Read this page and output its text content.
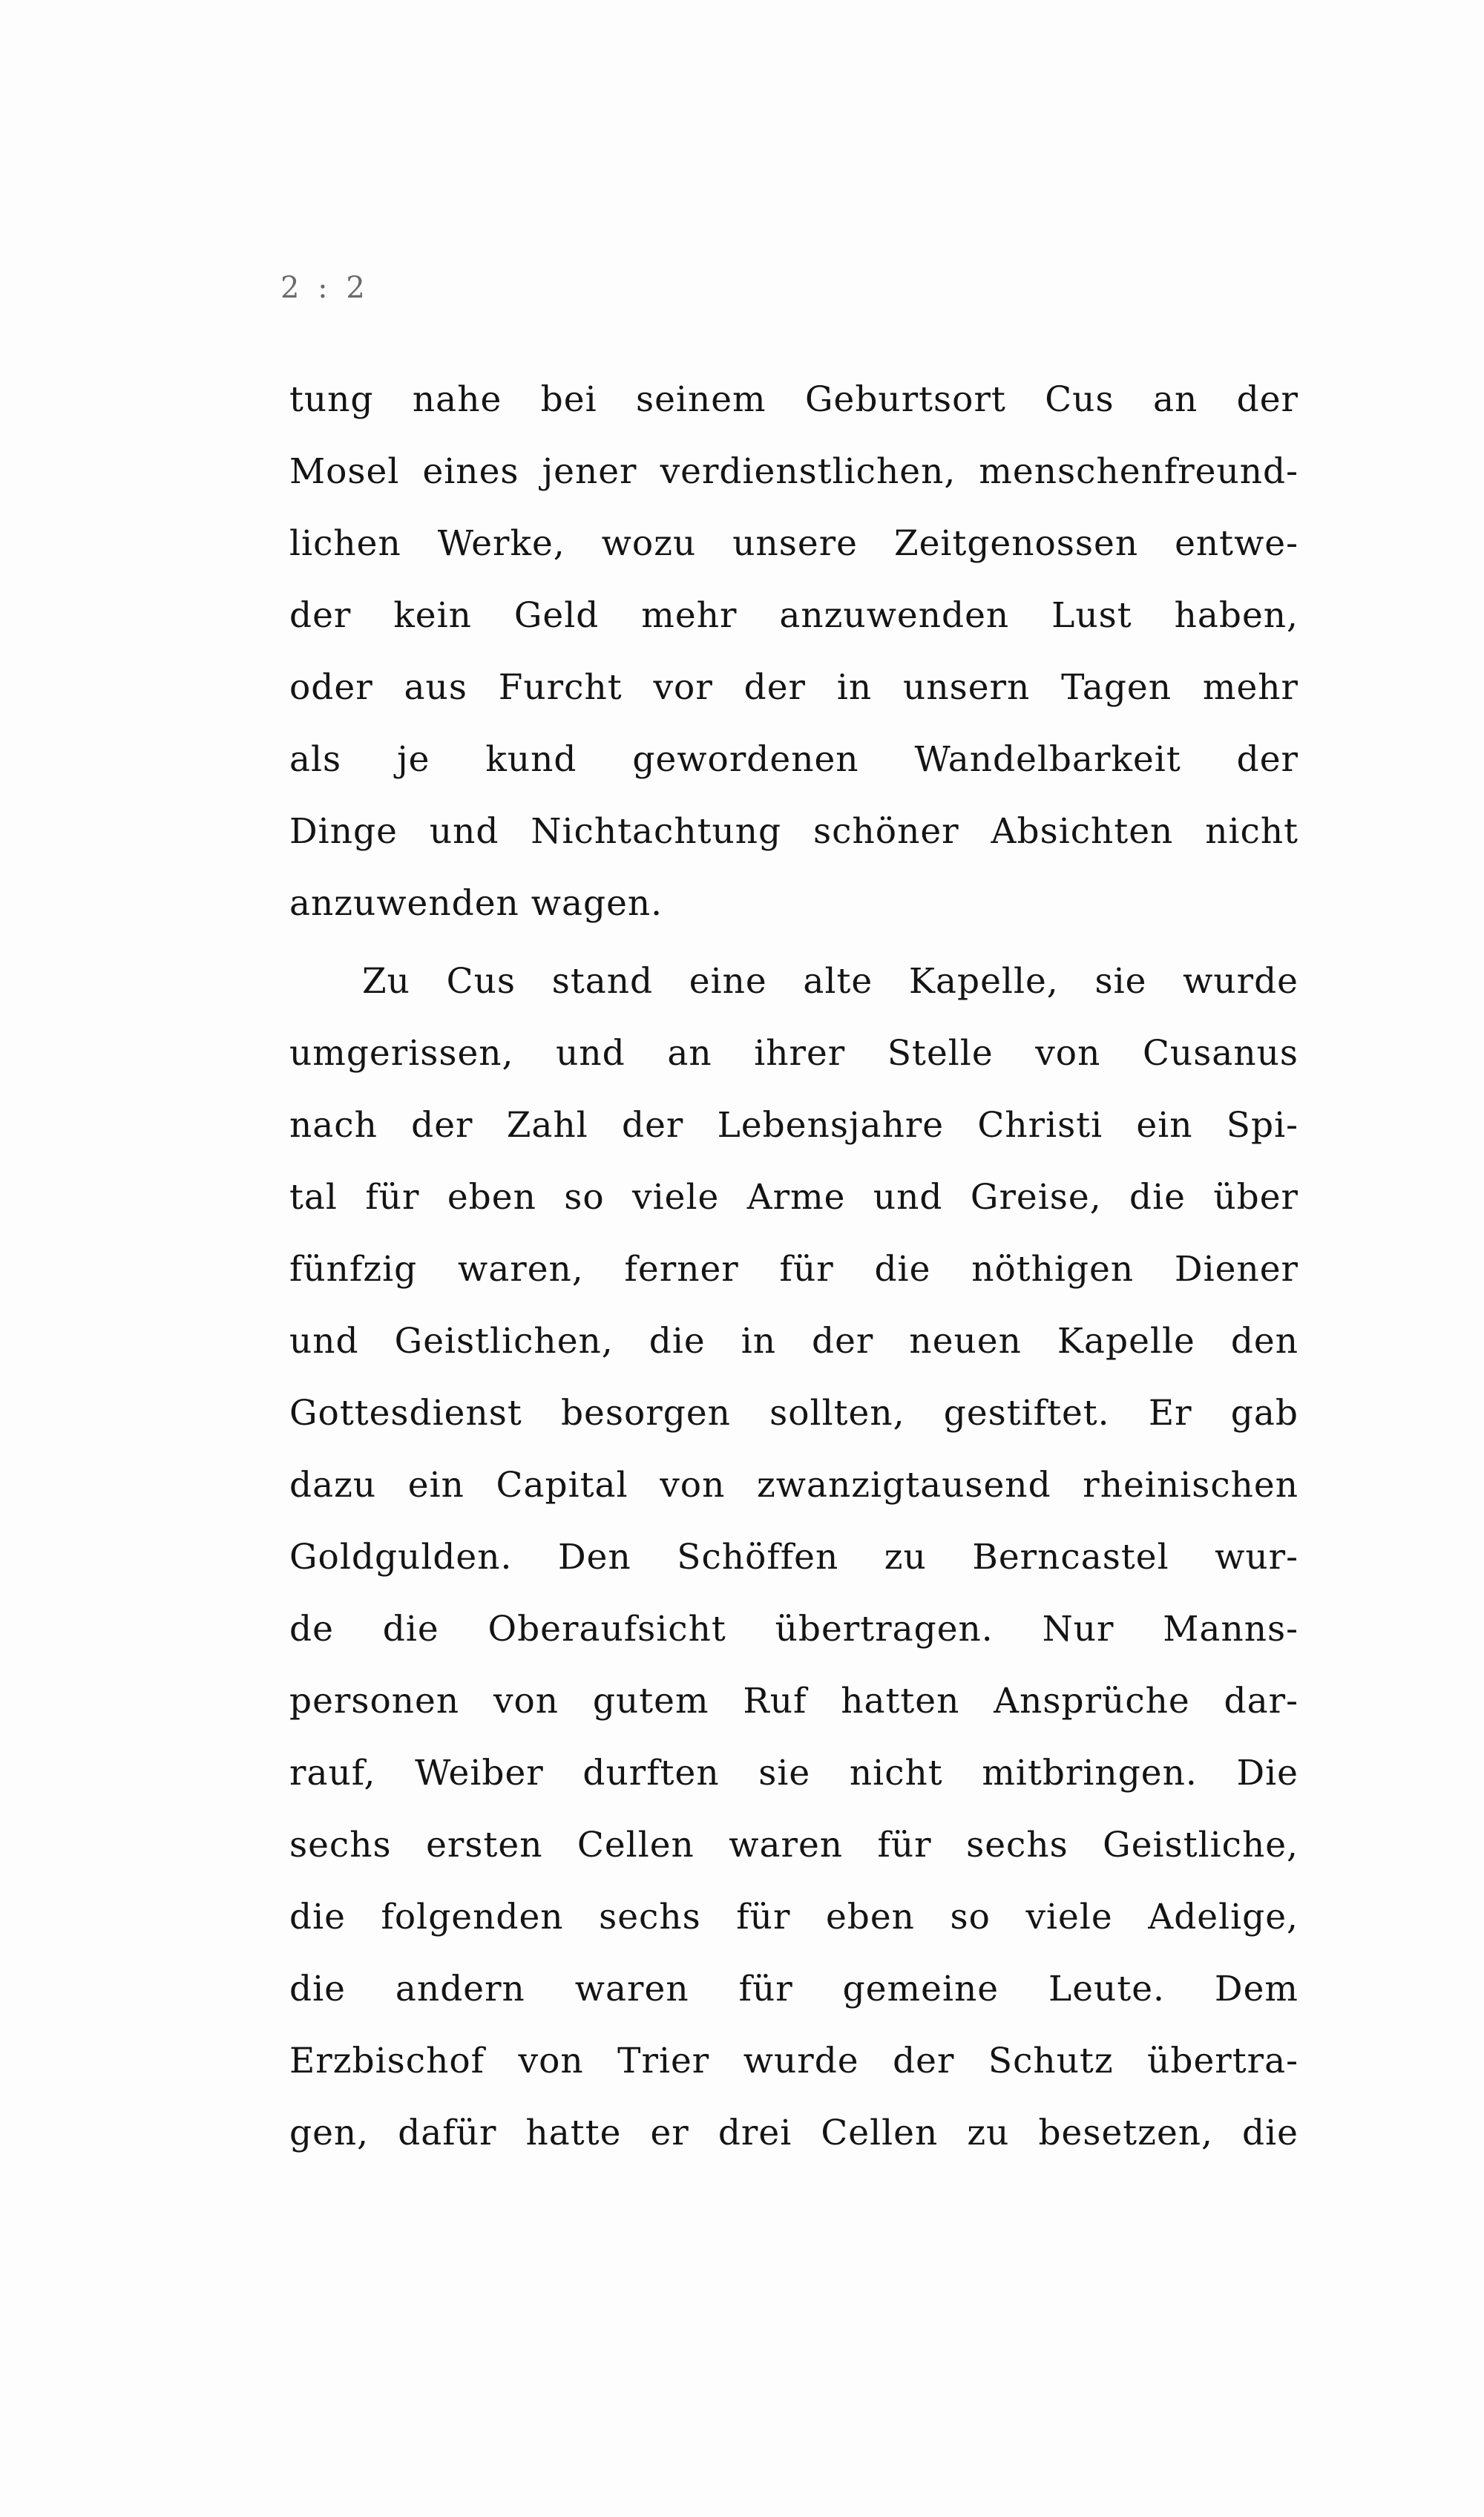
2 : 2
tung nahe bei seinem Geburtsort Cus an der
Mosel eines jener verdienstlichen, menschenfreund-
lichen Werke, wozu unsere Zeitgenossen entwe-
der kein Geld mehr anzuwenden Lust haben,
oder aus Furcht vor der in unsern Tagen mehr
als je kund gewordenen Wandelbarkeit der
Dinge und Nichtachtung schöner Absichten nicht
anzuwenden wagen.
Zu Cus stand eine alte Kapelle, sie wurde
umgerissen, und an ihrer Stelle von Cusanus
nach der Zahl der Lebensjahre Christi ein Spi-
tal für eben so viele Arme und Greise, die über
fünfzig waren, ferner für die nöthigen Diener
und Geistlichen, die in der neuen Kapelle den
Gottesdienst besorgen sollten, gestiftet. Er gab
dazu ein Capital von zwanzigtausend rheinischen
Goldgulden. Den Schöffen zu Berncastel wur-
de die Oberaufsicht übertragen. Nur Manns-
personen von gutem Ruf hatten Ansprüche dar-
rauf, Weiber durften sie nicht mitbringen. Die
sechs ersten Cellen waren für sechs Geistliche,
die folgenden sechs für eben so viele Adelige,
die andern waren für gemeine Leute. Dem
Erzbischof von Trier wurde der Schutz übertra-
gen, dafür hatte er drei Cellen zu besetzen, die
